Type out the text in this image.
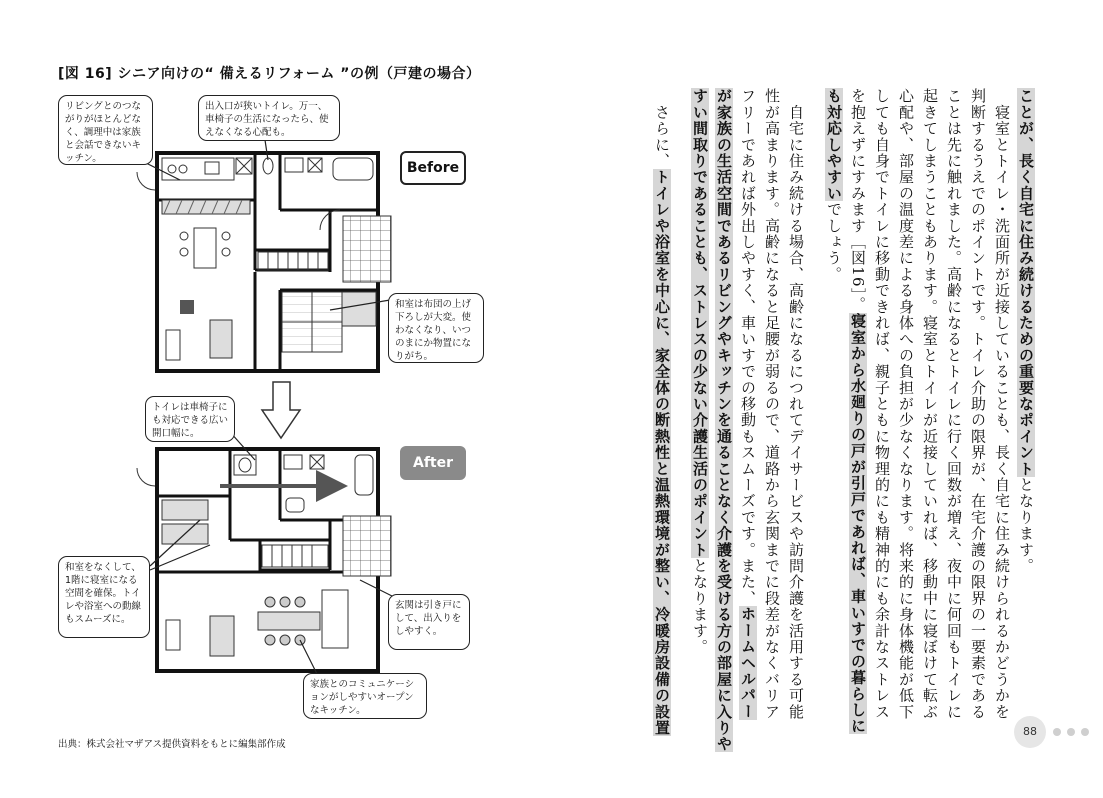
[図 16] シニア向けの“ 備えるリフォーム ”の例（戸建の場合）
Before
After
リビングとのつながりがほとんどなく、調理中は家族と会話できないキッチン。
出入口が狭いトイレ。万一、車椅子の生活になったら、使えなくなる心配も。
和室は布団の上げ下ろしが大変。使わなくなり、いつのまにか物置になりがち。
トイレは車椅子にも対応できる広い開口幅に。
和室をなくして、1階に寝室になる空間を確保。トイレや浴室への動線もスムーズに。
玄関は引き戸にして、出入りをしやすく。
家族とのコミュニケーションがしやすいオープンなキッチン。
出典：株式会社マザアス提供資料をもとに編集部作成
ことが、長く自宅に住み続けるための重要なポイントとなります。
　寝室とトイレ・洗面所が近接していることも、長く自宅に住み続けられるかどうかを
判断するうえでのポイントです。トイレ介助の限界が、在宅介護の限界の一要素である
ことは先に触れました。高齢になるとトイレに行く回数が増え、夜中に何回もトイレに
起きてしまうこともあります。寝室とトイレが近接していれば、移動中に寝ぼけて転ぶ
心配や、部屋の温度差による身体への負担が少なくなります。将来的に身体機能が低下
しても自身でトイレに移動できれば、親子ともに物理的にも精神的にも余計なストレス
を抱えずにすみます［図16］。寝室から水廻りの戸が引戸であれば、車いすでの暮らしに
も対応しやすいでしょう。
　自宅に住み続ける場合、高齢になるにつれてデイサービスや訪問介護を活用する可能
性が高まります。高齢になると足腰が弱るので、道路から玄関までに段差がなくバリア
フリーであれば外出しやすく、車いすでの移動もスムーズです。また、ホームヘルパー
が家族の生活空間であるリビングやキッチンを通ることなく介護を受ける方の部屋に入りや
すい間取りであることも、ストレスの少ない介護生活のポイントとなります。
　さらに、トイレや浴室を中心に、家全体の断熱性と温熱環境が整い、冷暖房設備の設置	88
